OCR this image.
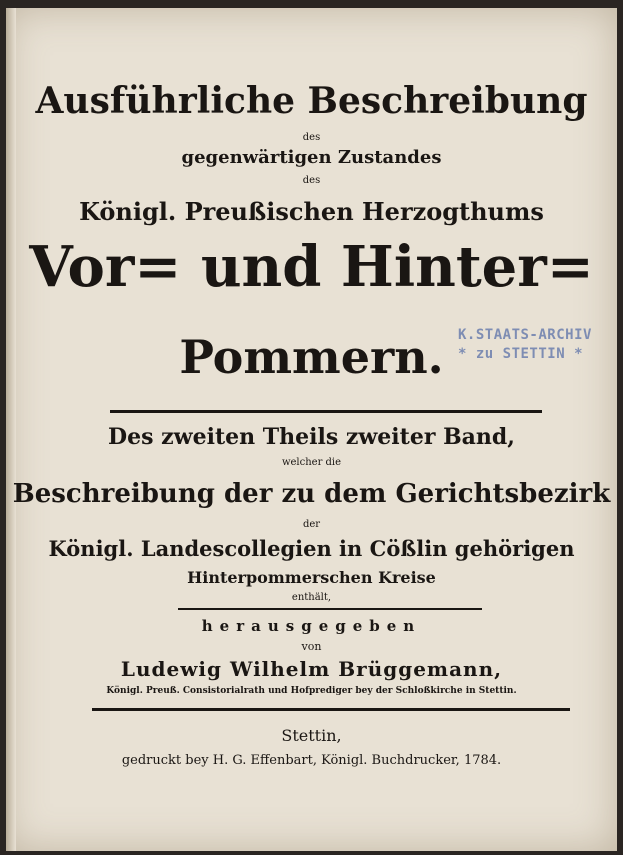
Ausführliche Beschreibung
des
gegenwärtigen Zustandes
des
Königl. Preußischen Herzogthums
Vor= und Hinter=
Pommern.	K.STAATS-ARCHIV
* zu STETTIN *
Des zweiten Theils zweiter Band,
welcher die
Beschreibung der zu dem Gerichtsbezirk
der
Königl. Landescollegien in Cößlin gehörigen
Hinterpommerschen Kreise
enthält,
herausgegeben
von
Ludewig Wilhelm Brüggemann,
Königl. Preuß. Consistorialrath und Hofprediger bey der Schloßkirche in Stettin.
Stettin,
gedruckt bey H. G. Effenbart, Königl. Buchdrucker, 1784.
